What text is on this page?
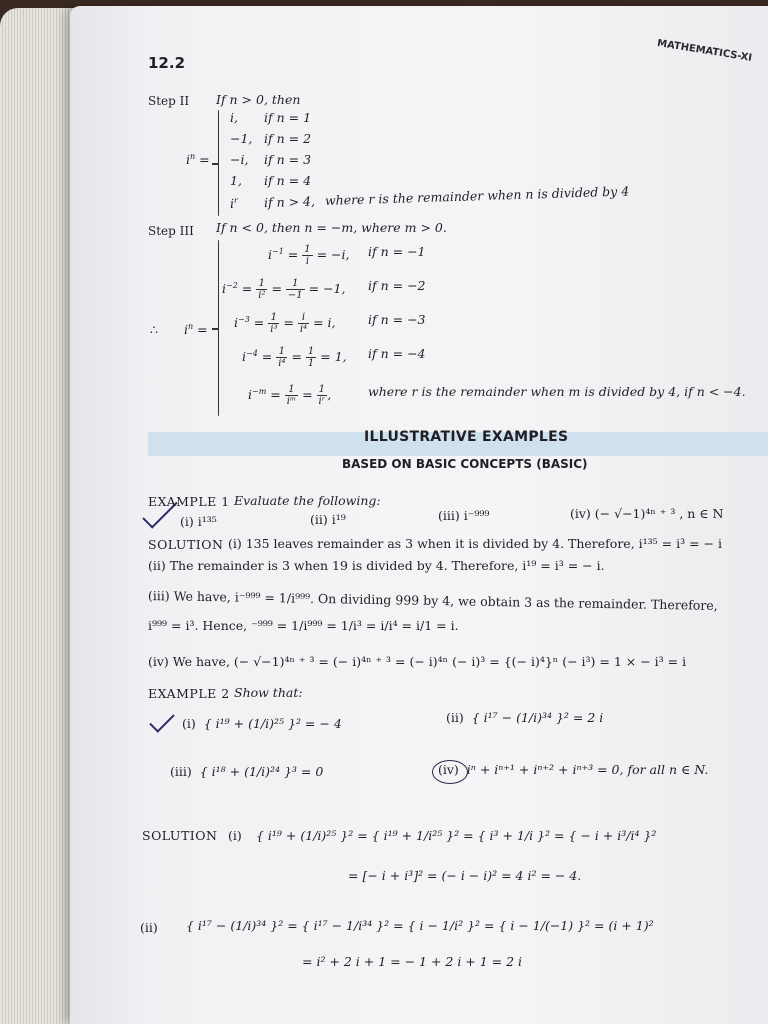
12.2	MATHEMATICS-XI
Step II If n > 0, then
$i^n$ =
i, if n = 1
−1, if n = 2
−i, if n = 3
1, if n = 4
$i^r$ if n > 4, where r is the remainder when n is divided by 4
Step III If n < 0, then n = −m, where m > 0.
∴ $i^n$ =
$i^{-1} = \frac{1}{i} = -i$, if n = −1
$i^{-2} = \frac{1}{\text{i²}} = \frac{1}{-1} = -1$, if n = −2
$i^{-3} = \frac{1}{\text{i³}} = \frac{i}{\text{i⁴}} = i$,	if n = −3
$i^{-4} = \frac{1}{\text{i⁴}} = \frac{1}{1} = 1$, if n = −4
$i^{-m} = \frac{1}{\text{iᵐ}} = \frac{1}{\text{iʳ}}$ ,	where r is the remainder when m is divided by 4, if n < −4.
ILLUSTRATIVE EXAMPLES
BASED ON BASIC CONCEPTS (BASIC)
EXAMPLE 1 Evaluate the following:
(i) i¹³⁵	(ii) i¹⁹	(iii) i⁻⁹⁹⁹	(iv) (− √−1)⁴ⁿ ⁺ ³ , n ∈ N
SOLUTION (i) 135 leaves remainder as 3 when it is divided by 4. Therefore, i¹³⁵ = i³ = − i
(ii) The remainder is 3 when 19 is divided by 4. Therefore, i¹⁹ = i³ = − i.
(iii) We have, i⁻⁹⁹⁹ = 1/i⁹⁹⁹. On dividing 999 by 4, we obtain 3 as the remainder. Therefore,
i⁹⁹⁹ = i³. Hence, ⁻⁹⁹⁹ = 1/i⁹⁹⁹ = 1/i³ = i/i⁴ = i/1 = i.
(iv) We have, (− √−1)⁴ⁿ ⁺ ³ = (− i)⁴ⁿ ⁺ ³ = (− i)⁴ⁿ (− i)³ = {(− i)⁴}ⁿ (− i³) = 1 × − i³ = i
EXAMPLE 2 Show that:
(i) { i¹⁹ + (1/i)²⁵ }² = − 4	(ii) { i¹⁷ − (1/i)³⁴ }² = 2 i
(iii) { i¹⁸ + (1/i)²⁴ }³ = 0	(iv) iⁿ + iⁿ⁺¹ + iⁿ⁺² + iⁿ⁺³ = 0, for all n ∈ N.
SOLUTION (i) { i¹⁹ + (1/i)²⁵ }² = { i¹⁹ + 1/i²⁵ }² = { i³ + 1/i }² = { − i + i³/i⁴ }²
= [− i + i³]² = (− i − i)² = 4 i² = − 4.
(ii) { i¹⁷ − (1/i)³⁴ }² = { i¹⁷ − 1/i³⁴ }² = { i − 1/i² }² = { i − 1/(−1) }² = (i + 1)²
= i² + 2 i + 1 = − 1 + 2 i + 1 = 2 i
